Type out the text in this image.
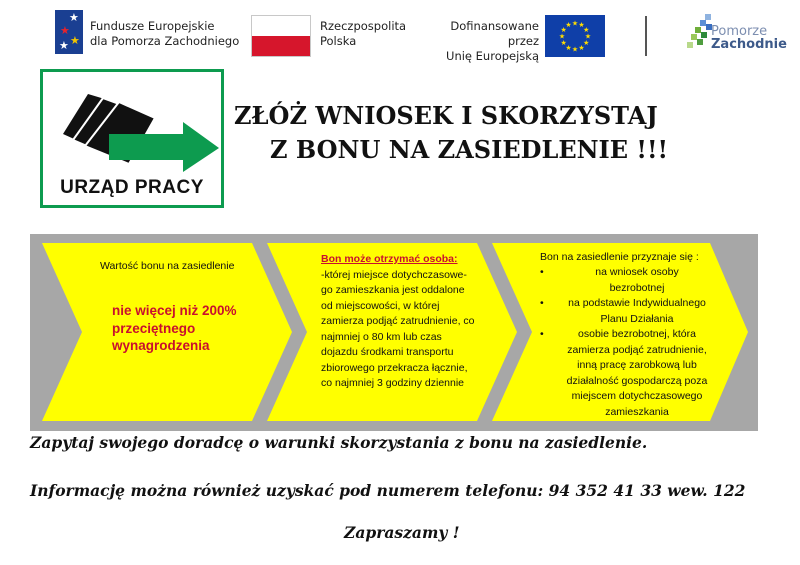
★
★
★
★
Fundusze Europejskie
dla Pomorza Zachodniego
Rzeczpospolita
Polska
Dofinansowane przez
Unię Europejską
★ ★
★
★
★
★
★
★
★
★
★
★	Pomorze
Zachodnie
URZĄD PRACY
ZŁÓŻ WNIOSEK I SKORZYSTAJ
Z BONU NA ZASIEDLENIE !!!
Wartość bonu na zasiedlenie
nie więcej niż 200%
przeciętnego
wynagrodzenia
Bon może otrzymać osoba:
-której miejsce dotychczasowe-
go zamieszkania jest oddalone
od miejscowości, w której
zamierza podjąć zatrudnienie, co
najmniej o 80 km lub czas
dojazdu środkami transportu
zbiorowego przekracza łącznie,
co najmniej 3 godziny dziennie
Bon na zasiedlenie przyznaje się :
•	na wniosek osoby
bezrobotnej
•	na podstawie Indywidualnego
Planu Działania
•	osobie bezrobotnej, która
zamierza podjąć zatrudnienie,
inną pracę zarobkową lub
działalność gospodarczą poza
miejscem dotychczasowego
zamieszkania
Zapytaj swojego doradcę o warunki skorzystania z bonu na zasiedlenie.
Informację można również uzyskać pod numerem telefonu: 94 352 41 33 wew. 122
Zapraszamy !
